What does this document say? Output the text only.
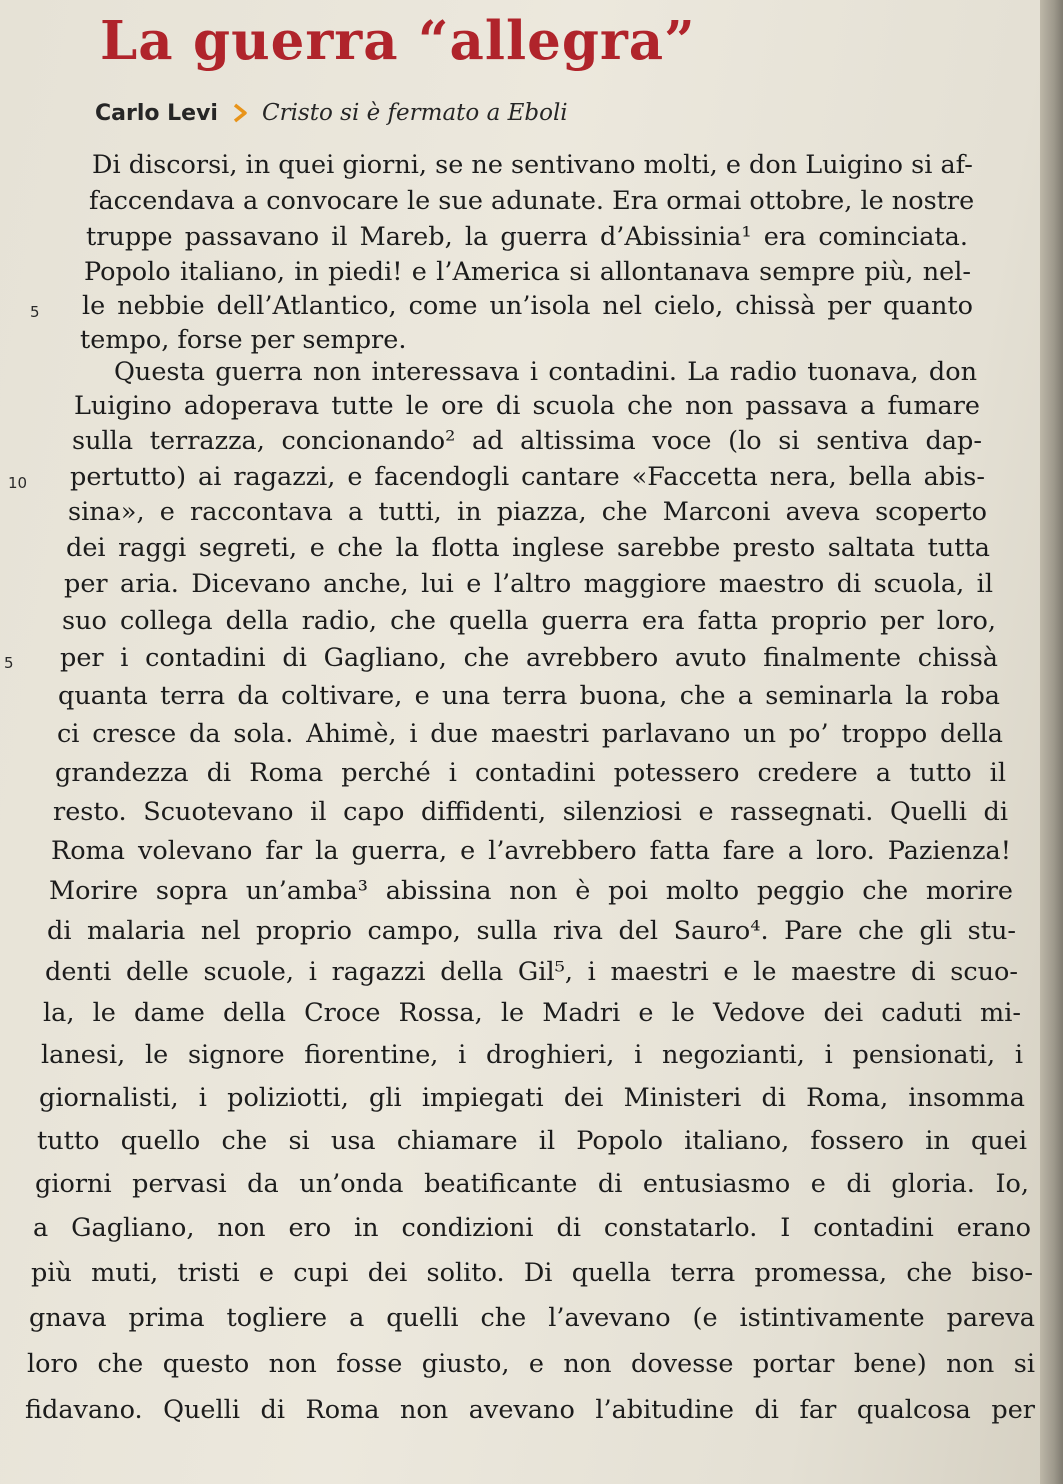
La guerra “allegra”
Carlo Levi Cristo si è fermato a Eboli
5
10
5

Di discorsi, in quei giorni, se ne sentivano molti, e don Luigino si af-

faccendava a convocare le sue adunate. Era ormai ottobre, le nostre

truppe passavano il Mareb, la guerra d’Abissinia¹ era cominciata.

Popolo italiano, in piedi! e l’America si allontanava sempre più, nel-

le nebbie dell’Atlantico, come un’isola nel cielo, chissà per quanto

tempo, forse per sempre.

Questa guerra non interessava i contadini. La radio tuonava, don

Luigino adoperava tutte le ore di scuola che non passava a fumare

sulla terrazza, concionando² ad altissima voce (lo si sentiva dap-

pertutto) ai ragazzi, e facendogli cantare «Faccetta nera, bella abis-

sina», e raccontava a tutti, in piazza, che Marconi aveva scoperto

dei raggi segreti, e che la flotta inglese sarebbe presto saltata tutta

per aria. Dicevano anche, lui e l’altro maggiore maestro di scuola, il

suo collega della radio, che quella guerra era fatta proprio per loro,

per i contadini di Gagliano, che avrebbero avuto finalmente chissà

quanta terra da coltivare, e una terra buona, che a seminarla la roba

ci cresce da sola. Ahimè, i due maestri parlavano un po’ troppo della

grandezza di Roma perché i contadini potessero credere a tutto il

resto. Scuotevano il capo diffidenti, silenziosi e rassegnati. Quelli di

Roma volevano far la guerra, e l’avrebbero fatta fare a loro. Pazienza!

Morire sopra un’amba³ abissina non è poi molto peggio che morire

di malaria nel proprio campo, sulla riva del Sauro⁴. Pare che gli stu-

denti delle scuole, i ragazzi della Gil⁵, i maestri e le maestre di scuo-

la, le dame della Croce Rossa, le Madri e le Vedove dei caduti mi-

lanesi, le signore fiorentine, i droghieri, i negozianti, i pensionati, i

giornalisti, i poliziotti, gli impiegati dei Ministeri di Roma, insomma

tutto quello che si usa chiamare il Popolo italiano, fossero in quei

giorni pervasi da un’onda beatificante di entusiasmo e di gloria. Io,

a Gagliano, non ero in condizioni di constatarlo. I contadini erano

più muti, tristi e cupi dei solito. Di quella terra promessa, che biso-

gnava prima togliere a quelli che l’avevano (e istintivamente pareva

loro che questo non fosse giusto, e non dovesse portar bene) non si

fidavano. Quelli di Roma non avevano l’abitudine di far qualcosa per
